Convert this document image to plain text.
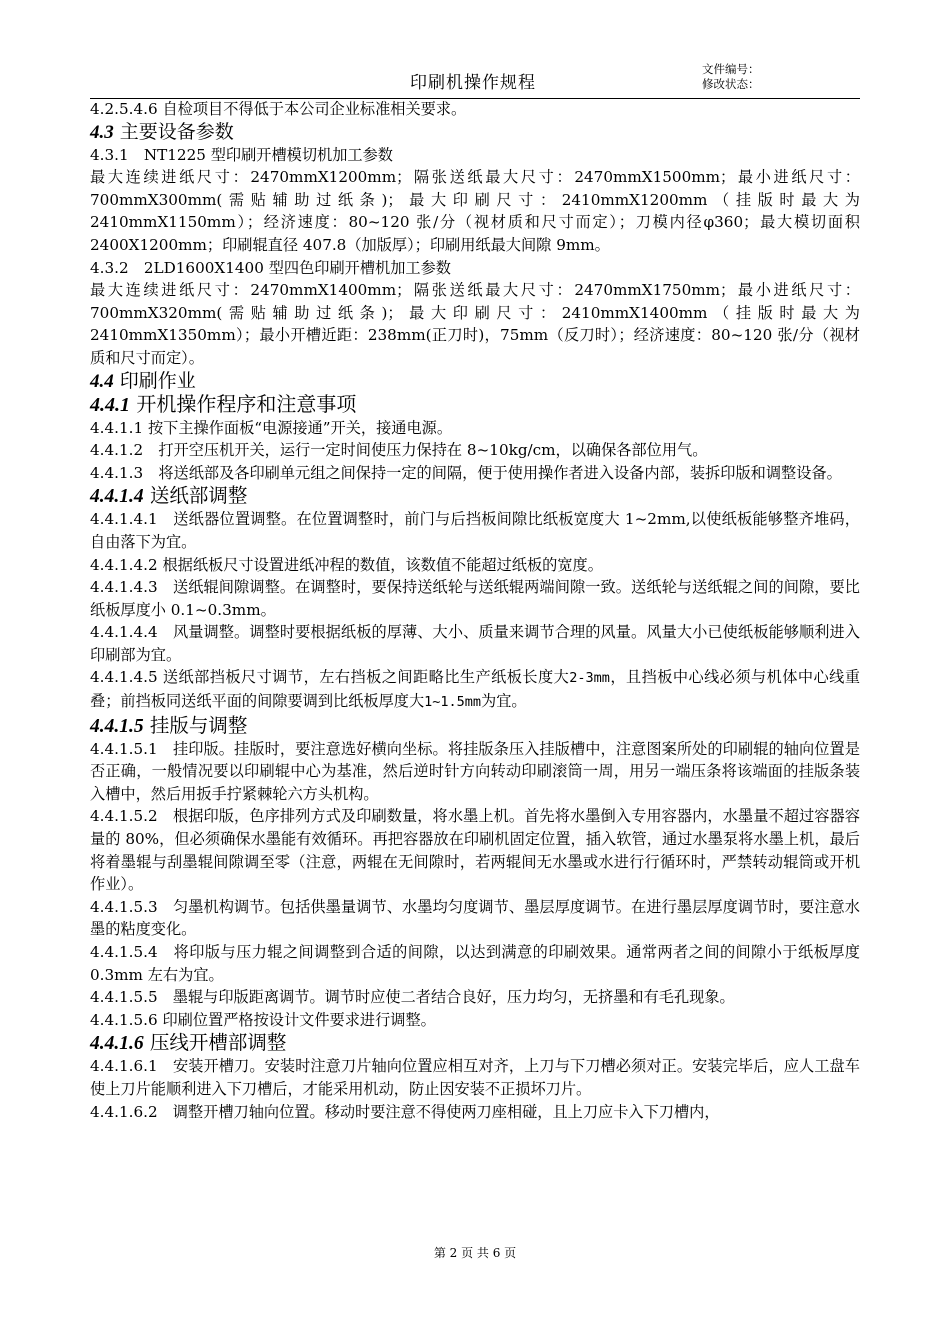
印刷机操作规程
文件编号：
修改状态：

4.2.5.4.6 自检项目不得低于本公司企业标准相关要求。

4.3 主要设备参数

4.3.1　NT1225 型印刷开槽模切机加工参数

最大连续进纸尺寸：2470mmX1200mm；隔张送纸最大尺寸：2470mmX1500mm；最小进纸尺寸：700mmX300mm(需贴辅助过纸条)；最大印刷尺寸：2410mmX1200mm（挂版时最大为2410mmX1150mm）；经济速度：80~120 张/分（视材质和尺寸而定）；刀模内径φ360；最大模切面积 2400X1200mm；印刷辊直径 407.8（加版厚）；印刷用纸最大间隙 9mm。

4.3.2　2LD1600X1400 型四色印刷开槽机加工参数

最大连续进纸尺寸：2470mmX1400mm；隔张送纸最大尺寸：2470mmX1750mm；最小进纸尺寸：700mmX320mm(需贴辅助过纸条)；最大印刷尺寸：2410mmX1400mm（挂版时最大为2410mmX1350mm）；最小开槽近距：238mm(正刀时)，75mm（反刀时）；经济速度：80~120 张/分（视材质和尺寸而定）。

4.4 印刷作业

4.4.1 开机操作程序和注意事项

4.4.1.1 按下主操作面板“电源接通”开关，接通电源。

4.4.1.2　打开空压机开关，运行一定时间使压力保持在 8~10kg/cm，以确保各部位用气。

4.4.1.3　将送纸部及各印刷单元组之间保持一定的间隔，便于使用操作者进入设备内部，装拆印版和调整设备。

4.4.1.4 送纸部调整

4.4.1.4.1　送纸器位置调整。在位置调整时，前门与后挡板间隙比纸板宽度大 1~2mm,以使纸板能够整齐堆码，自由落下为宜。

4.4.1.4.2 根据纸板尺寸设置进纸冲程的数值，该数值不能超过纸板的宽度。

4.4.1.4.3　送纸辊间隙调整。在调整时，要保持送纸轮与送纸辊两端间隙一致。送纸轮与送纸辊之间的间隙，要比纸板厚度小 0.1~0.3mm。

4.4.1.4.4　风量调整。调整时要根据纸板的厚薄、大小、质量来调节合理的风量。风量大小已使纸板能够顺利进入印刷部为宜。

4.4.1.4.5 送纸部挡板尺寸调节，左右挡板之间距略比生产纸板长度大2-3mm，且挡板中心线必须与机体中心线重叠；前挡板同送纸平面的间隙要调到比纸板厚度大1~1.5mm为宜。

4.4.1.5 挂版与调整

4.4.1.5.1　挂印版。挂版时，要注意选好横向坐标。将挂版条压入挂版槽中，注意图案所处的印刷辊的轴向位置是否正确，一般情况要以印刷辊中心为基准，然后逆时针方向转动印刷滚筒一周，用另一端压条将该端面的挂版条装入槽中，然后用扳手拧紧棘轮六方头机构。

4.4.1.5.2　根据印版，色序排列方式及印刷数量，将水墨上机。首先将水墨倒入专用容器内，水墨量不超过容器容量的 80%，但必须确保水墨能有效循环。再把容器放在印刷机固定位置，插入软管，通过水墨泵将水墨上机，最后将着墨辊与刮墨辊间隙调至零（注意，两辊在无间隙时，若两辊间无水墨或水进行行循环时，严禁转动辊筒或开机作业）。

4.4.1.5.3　匀墨机构调节。包括供墨量调节、水墨均匀度调节、墨层厚度调节。在进行墨层厚度调节时，要注意水墨的粘度变化。

4.4.1.5.4　将印版与压力辊之间调整到合适的间隙，以达到满意的印刷效果。通常两者之间的间隙小于纸板厚度 0.3mm 左右为宜。

4.4.1.5.5　墨辊与印版距离调节。调节时应使二者结合良好，压力均匀，无挤墨和有毛孔现象。

4.4.1.5.6 印刷位置严格按设计文件要求进行调整。

4.4.1.6 压线开槽部调整

4.4.1.6.1　安装开槽刀。安装时注意刀片轴向位置应相互对齐，上刀与下刀槽必须对正。安装完毕后，应人工盘车使上刀片能顺利进入下刀槽后，才能采用机动，防止因安装不正损坏刀片。

4.4.1.6.2　调整开槽刀轴向位置。移动时要注意不得使两刀座相碰，且上刀应卡入下刀槽内，

第 2 页 共 6 页
